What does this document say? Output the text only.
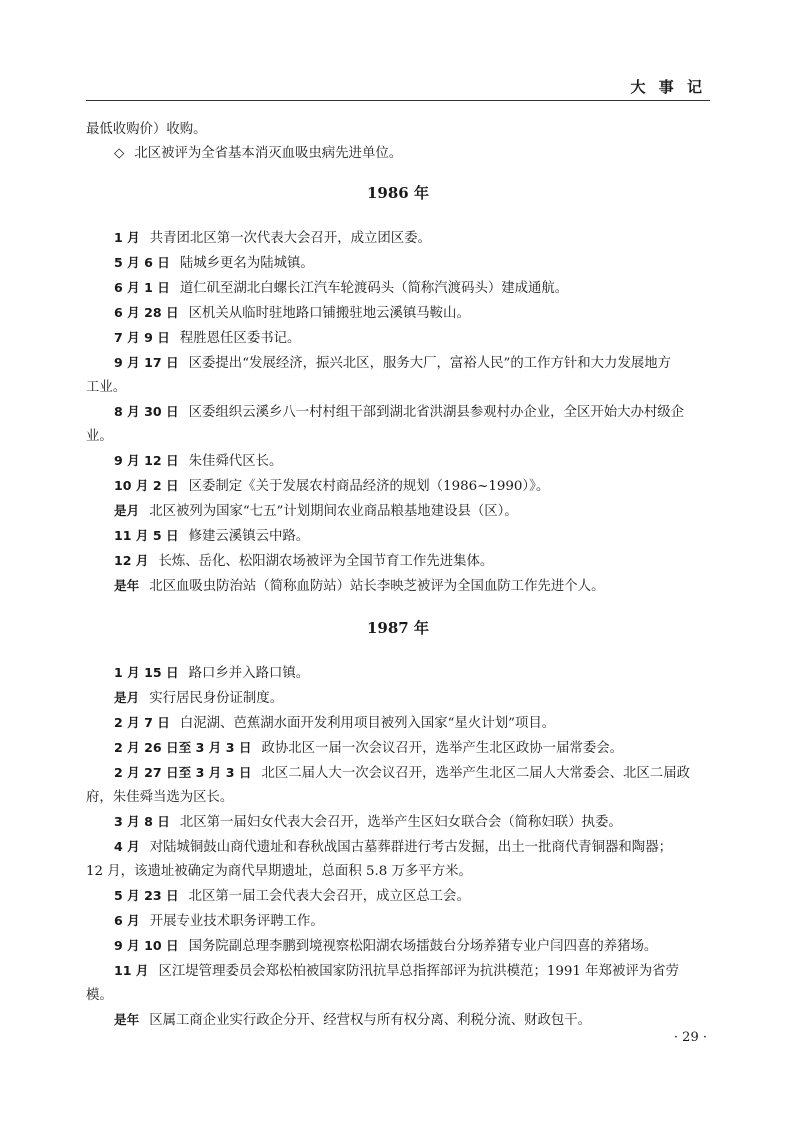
大 事 记

最低收购价）收购。

◇ 北区被评为全省基本消灭血吸虫病先进单位。

1986 年

1 月 共青团北区第一次代表大会召开，成立团区委。

5 月 6 日 陆城乡更名为陆城镇。

6 月 1 日 道仁矶至湖北白螺长江汽车轮渡码头（简称汽渡码头）建成通航。

6 月 28 日 区机关从临时驻地路口铺搬驻地云溪镇马鞍山。

7 月 9 日 程胜恩任区委书记。

9 月 17 日 区委提出“发展经济，振兴北区，服务大厂，富裕人民”的工作方针和大力发展地方

工业。

8 月 30 日 区委组织云溪乡八一村村组干部到湖北省洪湖县参观村办企业，全区开始大办村级企

业。

9 月 12 日 朱佳舜代区长。

10 月 2 日 区委制定《关于发展农村商品经济的规划（1986~1990）》。

是月 北区被列为国家“七五”计划期间农业商品粮基地建设县（区）。

11 月 5 日 修建云溪镇云中路。

12 月 长炼、岳化、松阳湖农场被评为全国节育工作先进集体。

是年 北区血吸虫防治站（简称血防站）站长李映芝被评为全国血防工作先进个人。

1987 年

1 月 15 日 路口乡并入路口镇。

是月 实行居民身份证制度。

2 月 7 日 白泥湖、芭蕉湖水面开发利用项目被列入国家“星火计划”项目。

2 月 26 日至 3 月 3 日 政协北区一届一次会议召开，选举产生北区政协一届常委会。

2 月 27 日至 3 月 3 日 北区二届人大一次会议召开，选举产生北区二届人大常委会、北区二届政

府，朱佳舜当选为区长。

3 月 8 日 北区第一届妇女代表大会召开，选举产生区妇女联合会（简称妇联）执委。

4 月 对陆城铜鼓山商代遗址和春秋战国古墓葬群进行考古发掘，出土一批商代青铜器和陶器；

12 月，该遗址被确定为商代早期遗址，总面积 5.8 万多平方米。

5 月 23 日 北区第一届工会代表大会召开，成立区总工会。

6 月 开展专业技术职务评聘工作。

9 月 10 日 国务院副总理李鹏到境视察松阳湖农场擂鼓台分场养猪专业户闫四喜的养猪场。

11 月 区江堤管理委员会郑松柏被国家防汛抗旱总指挥部评为抗洪模范；1991 年郑被评为省劳

模。

是年 区属工商企业实行政企分开、经营权与所有权分离、利税分流、财政包干。

· 29 ·
